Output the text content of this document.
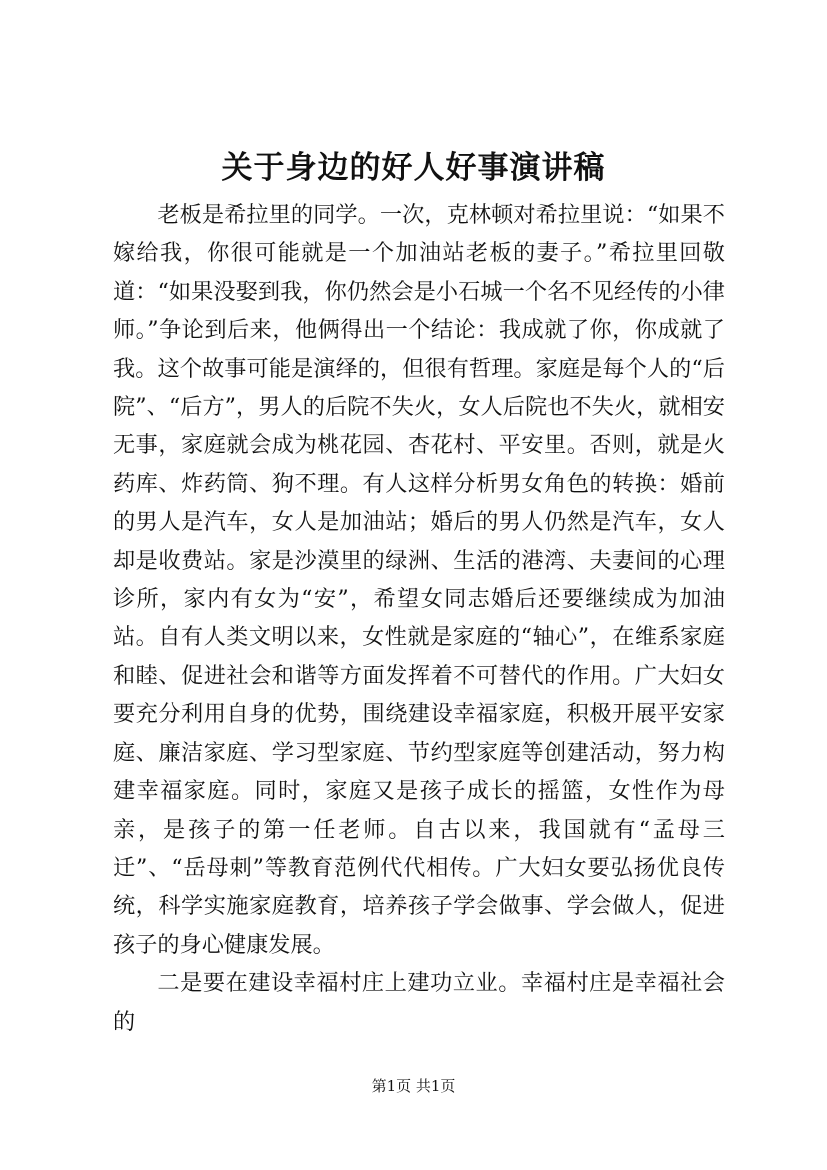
关于身边的好人好事演讲稿

老板是希拉里的同学。一次，克林顿对希拉里说：“如果不嫁给我，你很可能就是一个加油站老板的妻子。”希拉里回敬道：“如果没娶到我，你仍然会是小石城一个名不见经传的小律师。”争论到后来，他俩得出一个结论：我成就了你，你成就了我。这个故事可能是演绎的，但很有哲理。家庭是每个人的“后院”、“后方”，男人的后院不失火，女人后院也不失火，就相安无事，家庭就会成为桃花园、杏花村、平安里。否则，就是火药库、炸药筒、狗不理。有人这样分析男女角色的转换：婚前的男人是汽车，女人是加油站；婚后的男人仍然是汽车，女人却是收费站。家是沙漠里的绿洲、生活的港湾、夫妻间的心理诊所，家内有女为“安”，希望女同志婚后还要继续成为加油站。自有人类文明以来，女性就是家庭的“轴心”，在维系家庭和睦、促进社会和谐等方面发挥着不可替代的作用。广大妇女要充分利用自身的优势，围绕建设幸福家庭，积极开展平安家庭、廉洁家庭、学习型家庭、节约型家庭等创建活动，努力构建幸福家庭。同时，家庭又是孩子成长的摇篮，女性作为母亲，是孩子的第一任老师。自古以来，我国就有“孟母三迁”、“岳母刺”等教育范例代代相传。广大妇女要弘扬优良传统，科学实施家庭教育，培养孩子学会做事、学会做人，促进孩子的身心健康发展。

二是要在建设幸福村庄上建功立业。幸福村庄是幸福社会的

第1页 共1页
